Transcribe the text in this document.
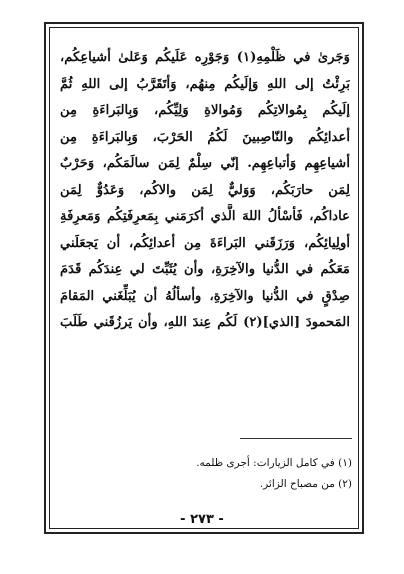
وَجَرىٰ في ظَلْمِهِ(١) وَجَوْرِه عَلَيكُم وَعَلىٰ أشياعِكُم،
بَرِئْتُ إلى اللهِ وَإلَيكُم مِنهُم، وَأتَقَرَّبُ إلى اللهِ ثُمَّ
إلَيكُم بِمُوالاتِكُم وَمُوالاةِ وَلِيِّكُم، وَبِالبَراءَةِ مِن
أعدائِكُم والنّاصِبينَ لَكُمُ الحَرْبَ، وَبِالبَراءَةِ مِن
أشياعِهِم وَأتباعِهِم. إنّي سِلْمٌ لِمَن سالَمَكُم، وَحَرْبٌ
لِمَن حارَبَكُم، وَوَليٌّ لِمَن والاكُم، وَعَدُوٌّ لِمَن
عاداكُم، فَأسْألُ اللهَ الَّذي أكرَمَني بِمَعرِفَتِكُم وَمَعرِفَةِ
أولِيائِكُم، وَرَزَقَني البَراءَةَ مِن أعدائِكُم، أن يَجعَلَني
مَعَكُم في الدُّنيا والآخِرَةِ، وأن يُثَبِّتَ لي عِندَكُم قَدَمَ
صِدْقٍ في الدُّنيا والآخِرَةِ، وأسألُهُ أن يُبَلِّغَني المَقامَ
المَحمودَ [الذي](٢) لَكُم عِندَ اللهِ، وأن يَرزُقَني طَلَبَ
(١) في كامل الزيارات: أجرى ظلمه.
(٢) من مصباح الزائر.
- ٢٧٣ -
